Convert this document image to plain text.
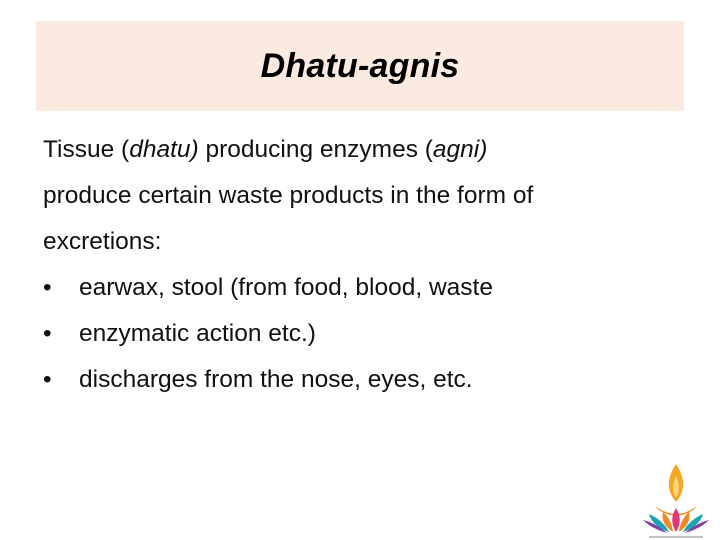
Dhatu-agnis
Tissue (dhatu) producing enzymes (agni)
produce certain waste products in the form of
excretions:
•	earwax, stool (from food, blood, waste
•	enzymatic action etc.)
•	discharges from the nose, eyes, etc.
